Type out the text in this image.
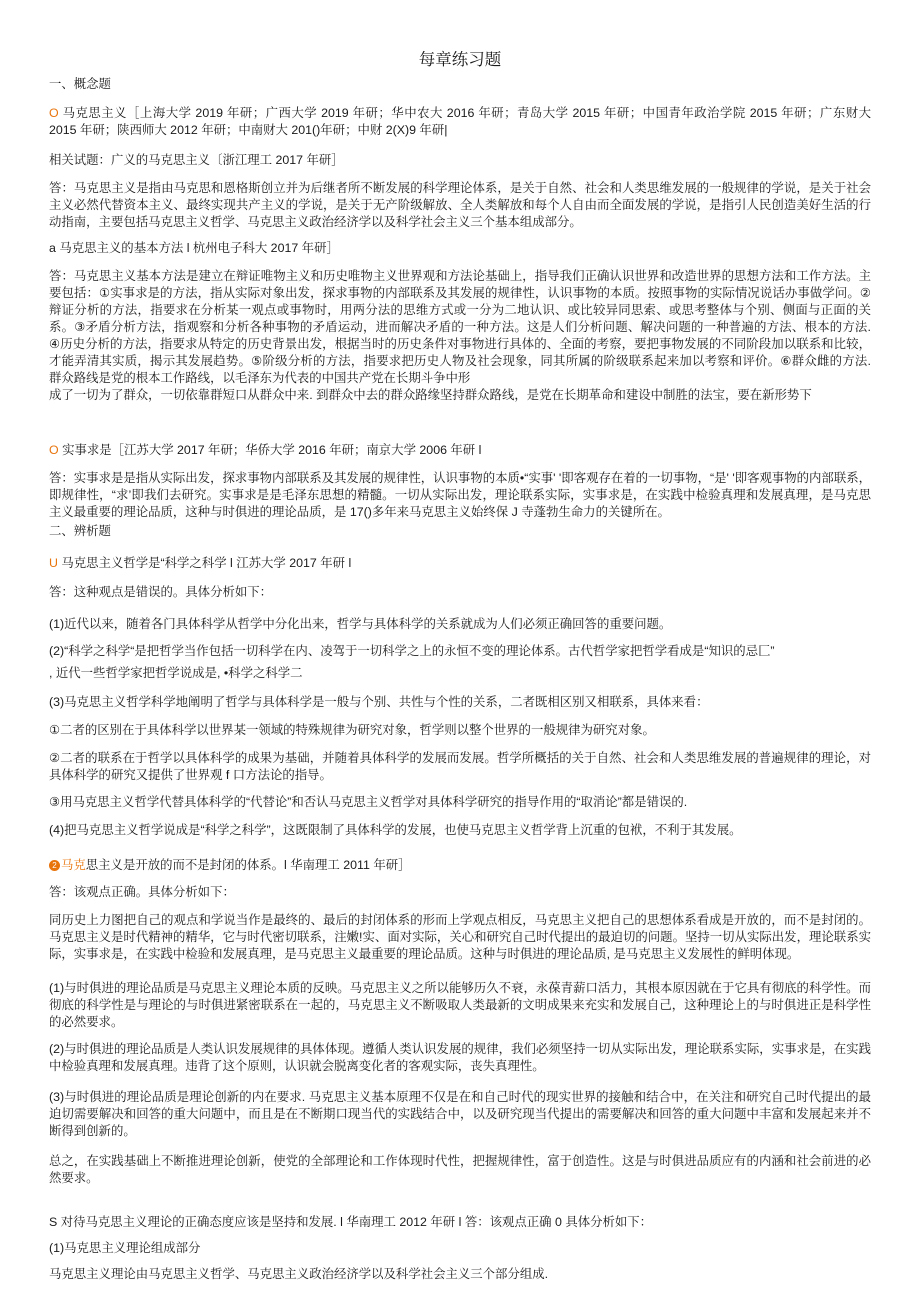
每章练习题
一、概念题
O 马克思主义［上海大学 2019 年研；广西大学 2019 年研；华中农大 2016 年研；青岛大学 2015 年研；中国青年政治学院 2015 年研；广东财大 2015 年研；陕西师大 2012 年研；中南财大 201()年研；中财 2(X)9 年研|
相关试题：广义的马克思主义〔浙江理工 2017 年研］
答：马克思主义是指由马克思和恩格斯创立并为后继者所不断发展的科学理论体系，是关于自然、社会和人类思维发展的一般规律的学说，是关于社会主义必然代替资本主义、最终实现共产主义的学说，是关于无产阶级解放、全人类解放和每个人自由而全面发展的学说，是指引人民创造美好生活的行动指南，主要包括马克思主义哲学、马克思主义政治经济学以及科学社会主义三个基本组成部分。
a 马克思主义的基本方法 l 杭州电子科大 2017 年研］
答：马克思主义基本方法是建立在辩证唯物主义和历史唯物主义世界观和方法论基础上，指导我们正确认识世界和改造世界的思想方法和工作方法。主要包括：①实事求是的方法，指从实际对象出发，探求事物的内部联系及其发展的规律性，认识事物的本质。按照事物的实际情况说话办事做学问。②辩证分析的方法，指要求在分析某一观点或事物时，用两分法的思维方式或一分为二地认识、或比较异同思索、或思考整体与个别、侧面与正面的关系。③矛盾分析方法，指观察和分析各种事物的矛盾运动，进而解决矛盾的一种方法。这是人们分析问题、解决问题的一种普遍的方法、根本的方法. ④历史分析的方法，指要求从特定的历史背景出发，根据当时的历史条件对事物进行具体的、全面的考察，要把事物发展的不同阶段加以联系和比较，才能弄清其实质，揭示其发展趋势。⑤阶级分析的方法，指要求把历史人物及社会现象，同其所属的阶级联系起来加以考察和评价。⑥群众雌的方法. 群众路线是党的根本工作路线，以毛泽东为代表的中国共产党在长期斗争中形
成了一切为了群众，一切依靠群短口从群众中来. 到群众中去的群众路缘坚持群众路线，是党在长期革命和建设中制胜的法宝，要在新形势下
O 实事求是［江苏大学 2017 年研；华侨大学 2016 年研；南京大学 2006 年研 l
答：实事求是是指从实际出发，探求事物内部联系及其发展的规律性，认识事物的本质•“实事' '即客观存在着的一切事物，“是' '即客观事物的内部联系，即规律性，“求’即我们去研究。实事求是是毛泽东思想的精髓。一切从实际出发，理论联系实际，实事求是，在实践中检验真理和发展真理，是马克思主义最重要的理论品质，这种与时俱进的理论品质，是 17()多年来马克思主义始终保 J 寺蓬勃生命力的关键所在。
二、辨析题
U 马克思主义哲学是“科学之科学 l 江苏大学 2017 年研 l
答：这种观点是错误的。具体分析如下：
(1)近代以来，随着各门具体科学从哲学中分化出来，哲学与具体科学的关系就成为人们必须正确回答的重要问题。
(2)“科学之科学“是把哲学当作包括一切科学在内、凌驾于一切科学之上的永恒不变的理论体系。古代哲学家把哲学看成是“知识的忌匚”
, 近代一些哲学家把哲学说成是, •科学之科学二
(3)马克思主义哲学科学地阐明了哲学与具体科学是一般与个别、共性与个性的关系，二者既相区别又相联系，具体来看：
①二者的区别在于具体科学以世界某一领域的特殊规律为研究对象，哲学则以整个世界的一般规律为研究对象。
②二者的联系在于哲学以具体科学的成果为基础，并随着具体科学的发展而发展。哲学所概括的关于自然、社会和人类思维发展的普遍规律的理论，对具体科学的研究又提供了世界观 f 口方法论的指导。
③用马克思主义哲学代替具体科学的“代替论”和否认马克思主义哲学对具体科学研究的指导作用的“取消论”都是错误的.
(4)把马克思主义哲学说成是“科学之科学”，这既限制了具体科学的发展，也使马克思主义哲学背上沉重的包袱，不利于其发展。
2 马克思主义是开放的而不是封闭的体系。l 华南理工 2011 年研］
答：该观点正确。具体分析如下：
同历史上力图把自己的观点和学说当作是最终的、最后的封闭体系的形而上学观点相反，马克思主义把自己的思想体系看成是开放的，而不是封闭的。马克思主义是时代精神的精华，它与时代密切联系，注嫩!实、面对实际，关心和研究自己时代提出的最迫切的问题。坚持一切从实际出发，理论联系实际，实事求是，在实践中检验和发展真理，是马克思主义最重要的理论品质。这种与时俱进的理论品质, 是马克思主义发展性的鲜明体现。
(1)与时俱进的理论品质是马克思主义理论本质的反映。马克思主义之所以能够历久不衰，永葆青薪口活力，其根本原因就在于它具有彻底的科学性。而彻底的科学性是与理论的与时俱进紧密联系在一起的，马克思主义不断吸取人类最新的文明成果来充实和发展自己，这种理论上的与时俱进正是科学性的必然要求。
(2)与时俱进的理论品质是人类认识发展规律的具体体现。遵循人类认识发展的规律，我们必须坚持一切从实际出发，理论联系实际，实事求是，在实践中检验真理和发展真理。违背了这个原则，认识就会脱离变化者的客观实际，丧失真理性。
(3)与时俱进的理论品质是理论创新的内在要求. 马克思主义基本原理不仅是在和自己时代的现实世界的接触和结合中，在关注和研究自己时代提出的最迫切需要解决和回答的重大问题中，而且是在不断期口现当代的实践结合中，以及研究现当代提出的需要解决和回答的重大问题中丰富和发展起来并不断得到创新的。
总之，在实践基础上不断推进理论创新，使党的全部理论和工作体现时代性，把握规律性，富于创造性。这是与时俱进品质应有的内涵和社会前进的必然要求。
S 对待马克思主义理论的正确态度应该是坚持和发展. l 华南理工 2012 年研 l 答：该观点正确 0 具体分析如下：
(1)马克思主义理论组成部分
马克思主义理论由马克思主义哲学、马克思主义政治经济学以及科学社会主义三个部分组成.
